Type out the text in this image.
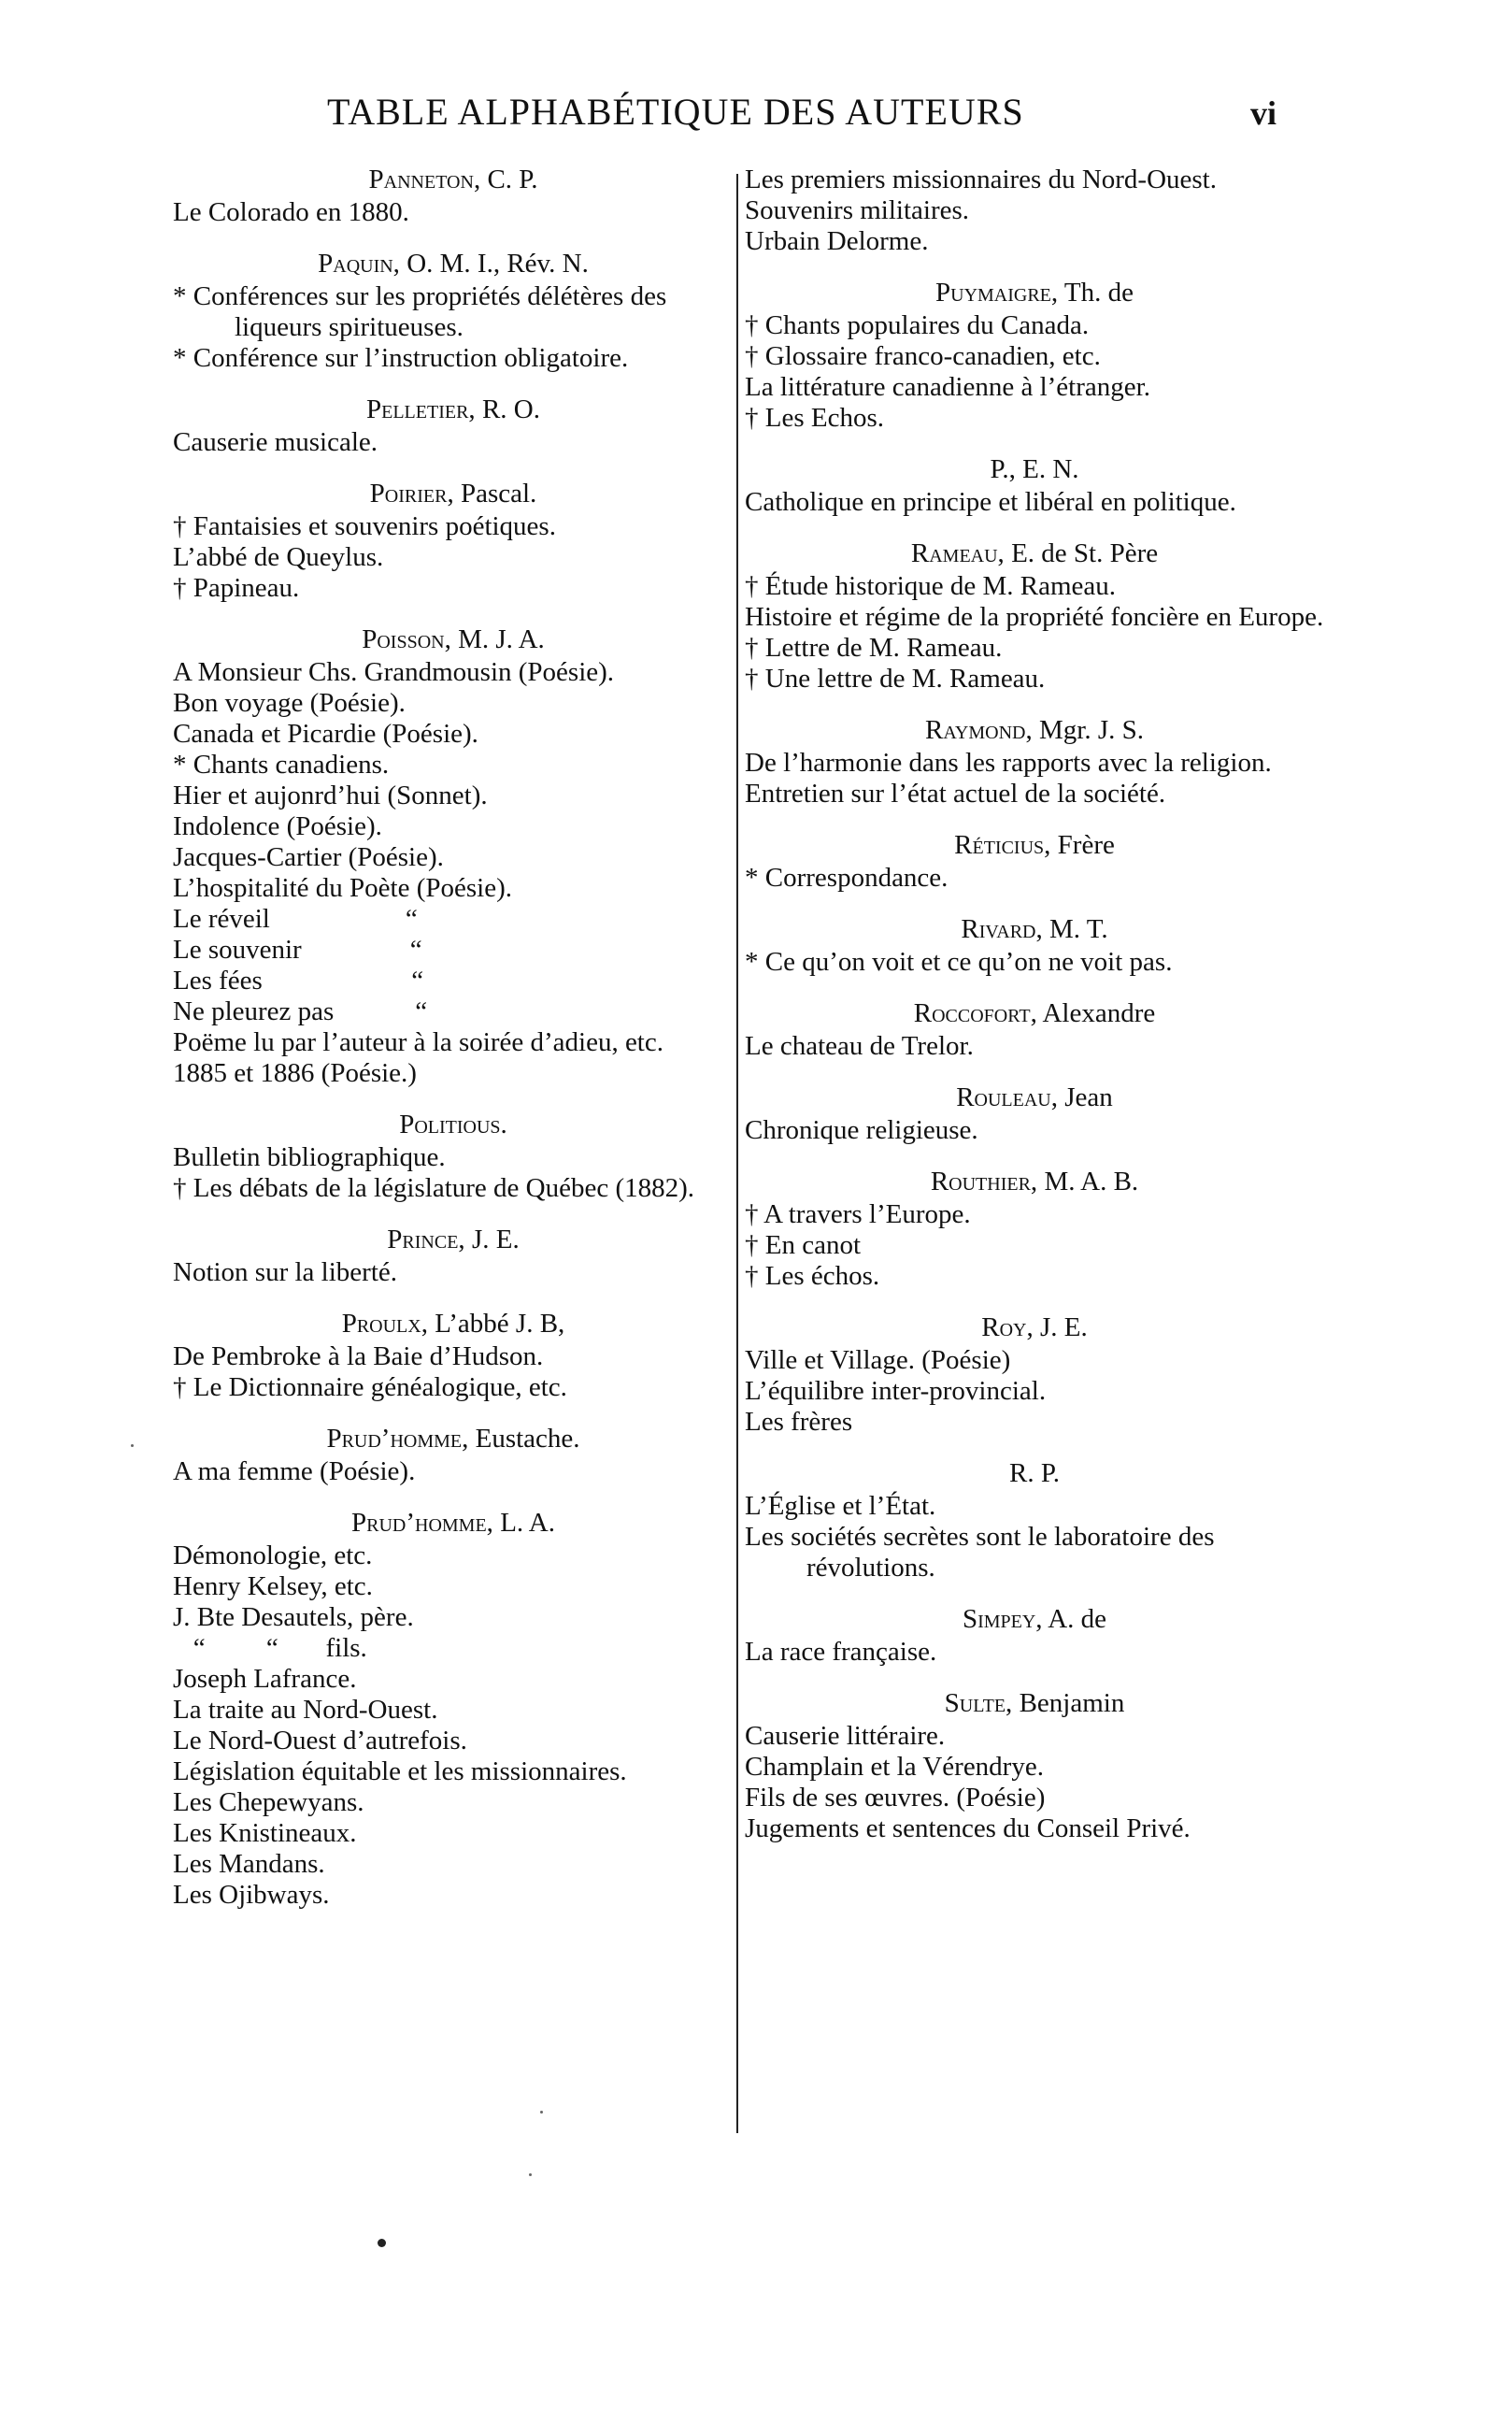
TABLE ALPHABÉTIQUE DES AUTEURS	vi
Panneton, C. P.
Le Colorado en 1880.
Paquin, O. M. I., Rév. N.
* Conférences sur les propriétés délétères des liqueurs spiritueuses.
* Conférence sur l’instruction obligatoire.
Pelletier, R. O.
Causerie musicale.
Poirier, Pascal.
† Fantaisies et souvenirs poétiques.
L’abbé de Queylus.
† Papineau.
Poisson, M. J. A.
A Monsieur Chs. Grandmousin (Poésie).
Bon voyage (Poésie).
Canada et Picardie (Poésie).
* Chants canadiens.
Hier et aujonrd’hui (Sonnet).
Indolence (Poésie).
Jacques-Cartier (Poésie).
L’hospitalité du Poète (Poésie).
Le réveil                    “
Le souvenir                “
Les fées                      “
Ne pleurez pas            “
Poëme lu par l’auteur à la soirée d’adieu, etc.
1885 et 1886 (Poésie.)
Politious.
Bulletin bibliographique.
† Les débats de la législature de Québec (1882).
Prince, J. E.
Notion sur la liberté.
Proulx, L’abbé J. B,
De Pembroke à la Baie d’Hudson.
† Le Dictionnaire généalogique, etc.
Prud’homme, Eustache.
A ma femme (Poésie).
Prud’homme, L. A.
Démonologie, etc.
Henry Kelsey, etc.
J. Bte Desautels, père.
“         “       fils.
Joseph Lafrance.
La traite au Nord-Ouest.
Le Nord-Ouest d’autrefois.
Législation équitable et les missionnaires.
Les Chepewyans.
Les Knistineaux.
Les Mandans.
Les Ojibways.
Les premiers missionnaires du Nord-Ouest.
Souvenirs militaires.
Urbain Delorme.
Puymaigre, Th. de
† Chants populaires du Canada.
† Glossaire franco-canadien, etc.
La littérature canadienne à l’étranger.
† Les Echos.
P., E. N.
Catholique en principe et libéral en politique.
Rameau, E. de St. Père
† Étude historique de M. Rameau.
Histoire et régime de la propriété foncière en Europe.
† Lettre de M. Rameau.
† Une lettre de M. Rameau.
Raymond, Mgr. J. S.
De l’harmonie dans les rapports avec la religion.
Entretien sur l’état actuel de la société.
Réticius, Frère
* Correspondance.
Rivard, M. T.
* Ce qu’on voit et ce qu’on ne voit pas.
Roccofort, Alexandre
Le chateau de Trelor.
Rouleau, Jean
Chronique religieuse.
Routhier, M. A. B.
† A travers l’Europe.
† En canot
† Les échos.
Roy, J. E.
Ville et Village. (Poésie)
L’équilibre inter-provincial.
Les frères
R. P.
L’Église et l’État.
Les sociétés secrètes sont le laboratoire des révolutions.
Simpey, A. de
La race française.
Sulte, Benjamin
Causerie littéraire.
Champlain et la Vérendrye.
Fils de ses œuvres. (Poésie)
Jugements et sentences du Conseil Privé.
